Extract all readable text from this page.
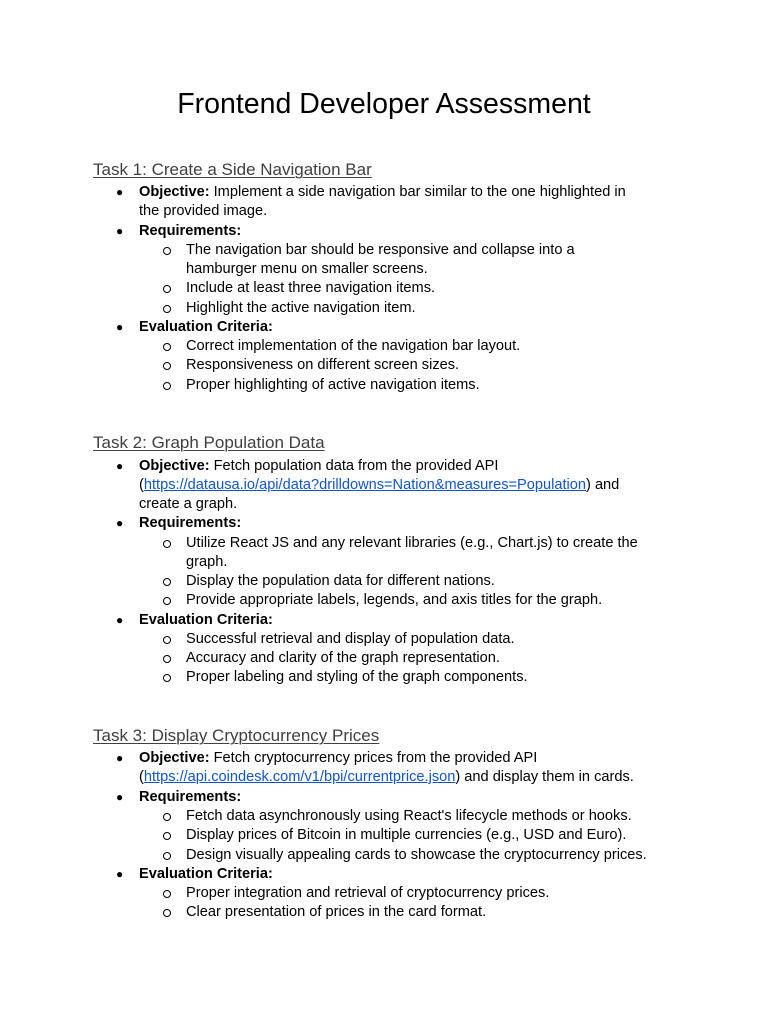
Frontend Developer Assessment
Task 1: Create a Side Navigation Bar
● Objective: Implement a side navigation bar similar to the one highlighted in
the provided image.
● Requirements:
The navigation bar should be responsive and collapse into a
hamburger menu on smaller screens.
Include at least three navigation items.
Highlight the active navigation item.
● Evaluation Criteria:
Correct implementation of the navigation bar layout.
Responsiveness on different screen sizes.
Proper highlighting of active navigation items.
Task 2: Graph Population Data
● Objective: Fetch population data from the provided API
(https://datausa.io/api/data?drilldowns=Nation&measures=Population) and
create a graph.
● Requirements:
Utilize React JS and any relevant libraries (e.g., Chart.js) to create the
graph.
Display the population data for different nations.
Provide appropriate labels, legends, and axis titles for the graph.
● Evaluation Criteria:
Successful retrieval and display of population data.
Accuracy and clarity of the graph representation.
Proper labeling and styling of the graph components.
Task 3: Display Cryptocurrency Prices
● Objective: Fetch cryptocurrency prices from the provided API
(https://api.coindesk.com/v1/bpi/currentprice.json) and display them in cards.
● Requirements:
Fetch data asynchronously using React's lifecycle methods or hooks.
Display prices of Bitcoin in multiple currencies (e.g., USD and Euro).
Design visually appealing cards to showcase the cryptocurrency prices.
● Evaluation Criteria:
Proper integration and retrieval of cryptocurrency prices.
Clear presentation of prices in the card format.
